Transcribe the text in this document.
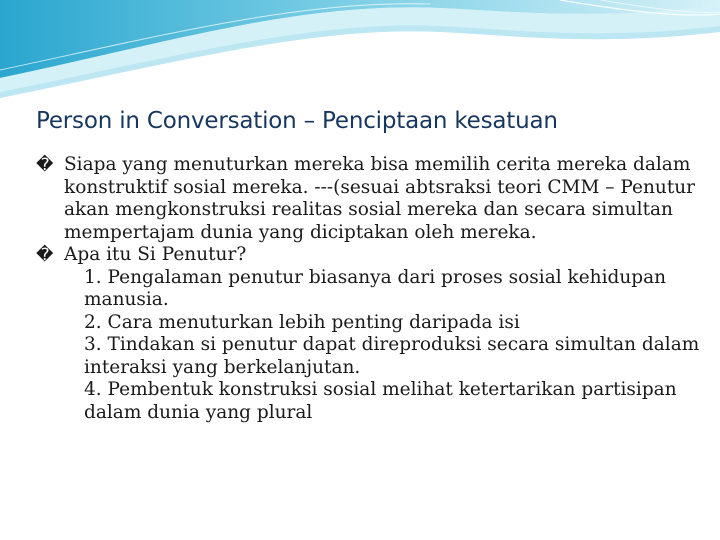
Person in Conversation – Penciptaan kesatuan
� Siapa yang menuturkan mereka bisa memilih cerita mereka dalam konstruktif sosial mereka. ---(sesuai abtsraksi teori CMM – Penutur akan mengkonstruksi realitas sosial mereka dan secara simultan mempertajam dunia yang diciptakan oleh mereka.
� Apa itu Si Penutur?
1. Pengalaman penutur biasanya dari proses sosial kehidupan manusia.
2. Cara menuturkan lebih penting daripada isi
3. Tindakan si penutur dapat direproduksi secara simultan dalam interaksi yang berkelanjutan.
4. Pembentuk konstruksi sosial melihat ketertarikan partisipan dalam dunia yang plural
